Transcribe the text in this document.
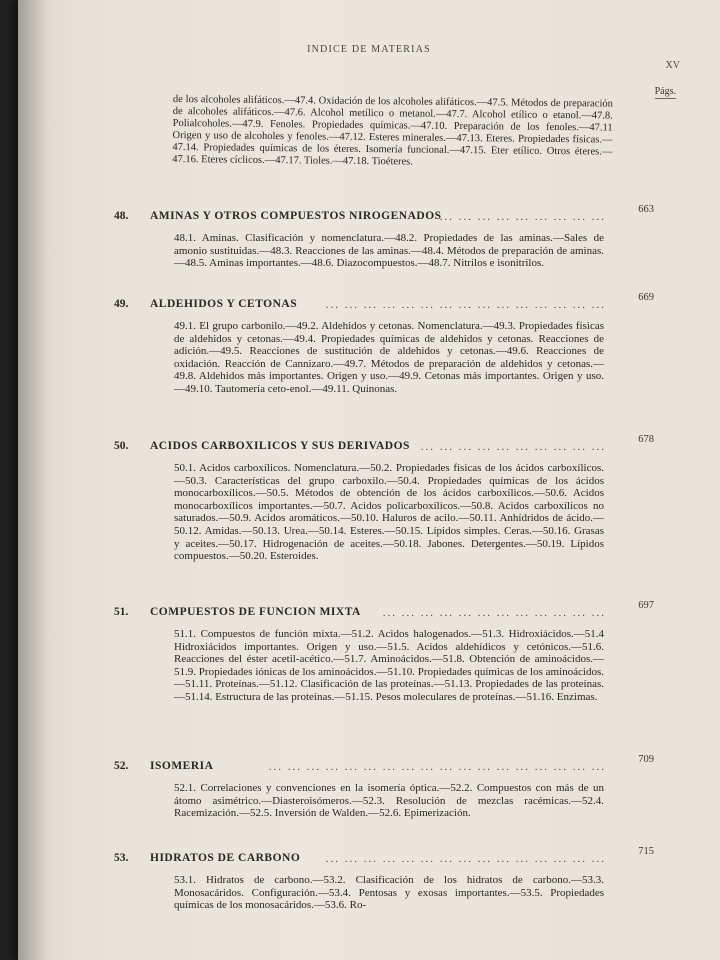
INDICE DE MATERIAS
XV
Págs.

de los alcoholes alifáticos.—47.4. Oxidación de los alcoholes alifáticos.—47.5. Métodos de preparación de alcoholes alifáticos.—47.6. Alcohol metílico o metanol.—47.7. Alcohol etílico o etanol.—47.8. Polialcoholes.—47.9. Fenoles. Propiedades químicas.—47.10. Preparación de los fenoles.—47.11 Origen y uso de alcoholes y fenoles.—47.12. Esteres minerales.—47.13. Eteres. Propiedades físicas.—47.14. Propiedades químicas de los éteres. Isomería funcional.—47.15. Eter etílico. Otros éteres.—47.16. Eteres cíclicos.—47.17. Tioles.—47.18. Tioéteres.

48. AMINAS Y OTROS COMPUESTOS NIROGENADOS
... ... ... ... ... ... ... ... ...
663

48.1. Aminas. Clasificación y nomenclatura.—48.2. Propiedades de las aminas.—Sales de amonio sustituidas.—48.3. Reacciones de las aminas.—48.4. Métodos de preparación de aminas.—48.5. Aminas importantes.—48.6. Diazocompuestos.—48.7. Nitrilos e isonitrilos.

49. ALDEHIDOS Y CETONAS	... ... ... ... ... ... ... ... ... ... ... ... ... ... ...
669

49.1. El grupo carbonilo.—49.2. Aldehidos y cetonas. Nomenclatura.—49.3. Propiedades físicas de aldehidos y cetonas.—49.4. Propiedades químicas de aldehidos y cetonas. Reacciones de adición.—49.5. Reacciones de sustitución de aldehidos y cetonas.—49.6. Reacciones de oxidación. Reacción de Cannizaro.—49.7. Métodos de preparación de aldehidos y cetonas.—49.8. Aldehidos más importantes. Origen y uso.—49.9. Cetonas más importantes. Origen y uso.—49.10. Tautomería ceto-enol.—49.11. Quinonas.

50. ACIDOS CARBOXILICOS Y SUS DERIVADOS ... ... ... ... ... ... ... ... ... ...
678

50.1. Acidos carboxílicos. Nomenclatura.—50.2. Propiedades físicas de los ácidos carboxílicos.—50.3. Características del grupo carboxilo.—50.4. Propiedades químicas de los ácidos monocarboxílicos.—50.5. Métodos de obtención de los ácidos carboxílicos.—50.6. Acidos monocarboxílicos importantes.—50.7. Acidos policarboxílicos.—50.8. Acidos carboxílicos no saturados.—50.9. Acidos aromáticos.—50.10. Haluros de acilo.—50.11. Anhídridos de ácido.—50.12. Amidas.—50.13. Urea.—50.14. Esteres.—50.15. Lípidos simples. Ceras.—50.16. Grasas y aceites.—50.17. Hidrogenación de aceites.—50.18. Jabones. Detergentes.—50.19. Lípidos compuestos.—50.20. Esteroides.

51. COMPUESTOS DE FUNCION MIXTA ... ... ... ... ... ... ... ... ... ... ... ...
697

51.1. Compuestos de función mixta.—51.2. Acidos halogenados.—51.3. Hidroxiácidos.—51.4 Hidroxiácidos importantes. Origen y uso.—51.5. Acidos aldehídicos y cetónicos.—51.6. Reacciones del éster acetil-acético.—51.7. Aminoácidos.—51.8. Obtención de aminoácidos.—51.9. Propiedades iónicas de los aminoácidos.—51.10. Propiedades químicas de los aminoácidos. —51.11. Proteínas.—51.12. Clasificación de las proteínas.—51.13. Propiedades de las proteínas.—51.14. Estructura de las proteínas.—51.15. Pesos moleculares de proteínas.—51.16. Enzimas.

52. ISOMERIA	... ... ... ... ... ... ... ... ... ... ... ... ... ... ... ... ... ...
709

52.1. Correlaciones y convenciones en la isomería óptica.—52.2. Compuestos con más de un átomo asimétrico.—Diasteroisómeros.—52.3. Resolución de mezclas racémicas.—52.4. Racemización.—52.5. Inversión de Walden.—52.6. Epimerización.

53. HIDRATOS DE CARBONO ... ... ... ... ... ... ... ... ... ... ... ... ... ... ...
715

53.1. Hidratos de carbono.—53.2. Clasificación de los hidratos de carbono.—53.3. Monosacáridos. Configuración.—53.4. Pentosas y exosas importantes.—53.5. Propiedades químicas de los monosacáridos.—53.6. Ro-
